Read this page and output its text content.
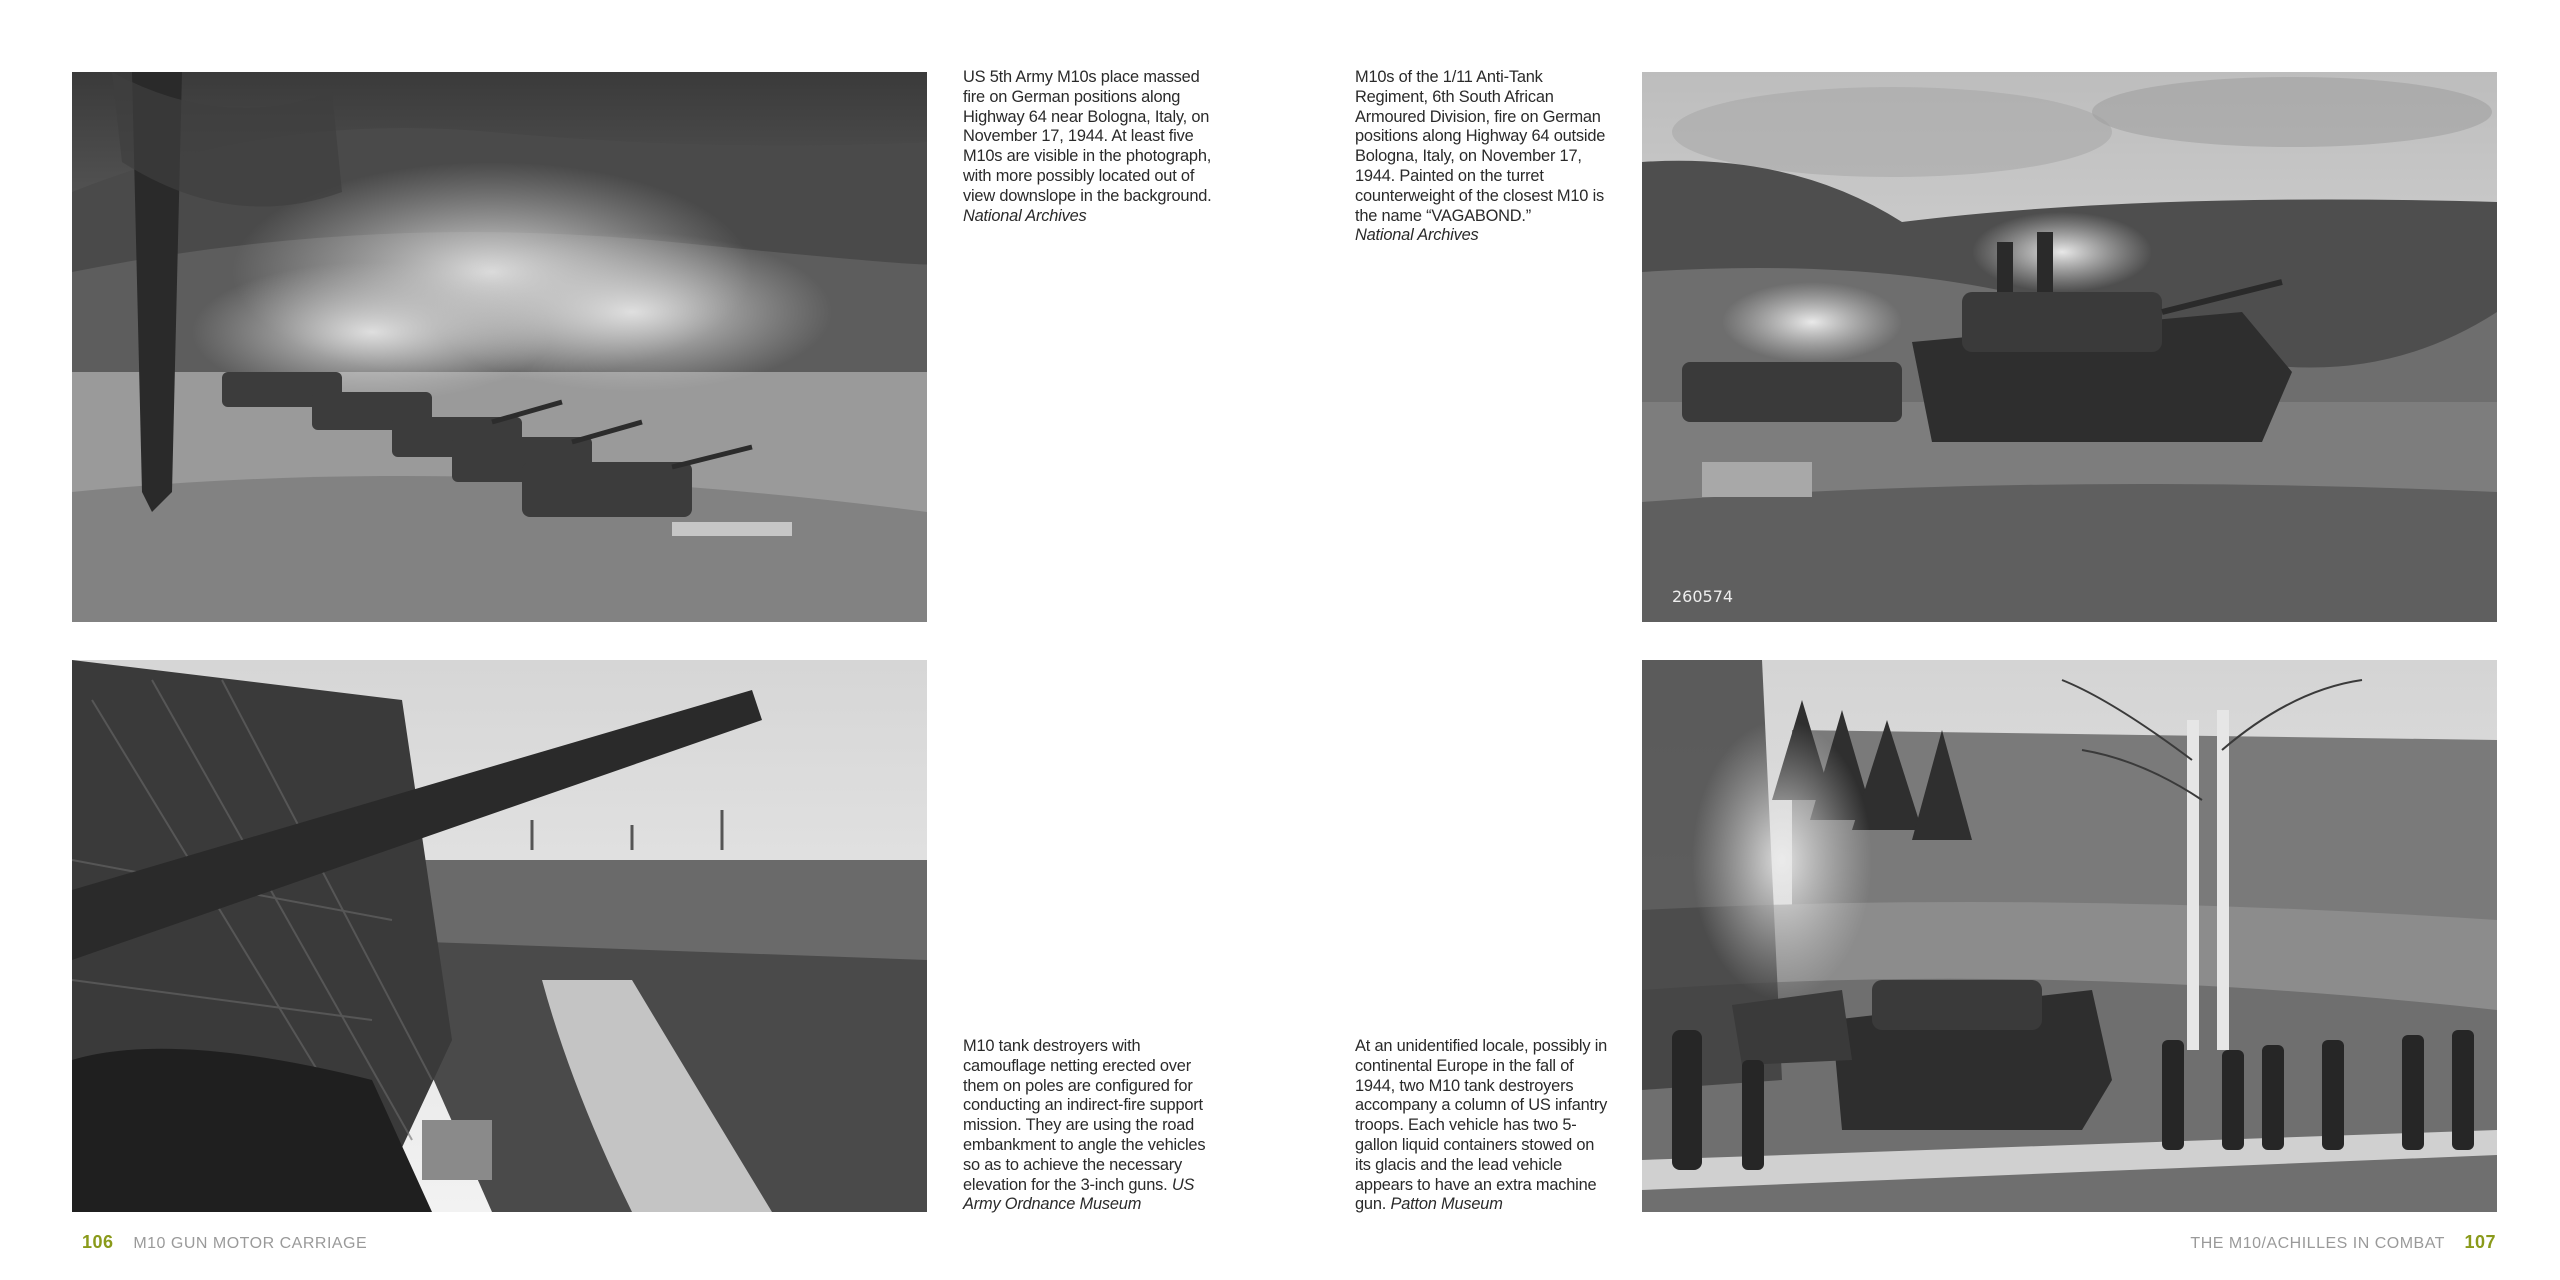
US 5th Army M10s place massed fire on German positions along Highway 64 near Bologna, Italy, on November 17, 1944. At least five M10s are visible in the photograph, with more possibly located out of view downslope in the background. National Archives
M10s of the 1/11 Anti-Tank Regiment, 6th South African Armoured Division, fire on German positions along Highway 64 outside Bologna, Italy, on November 17, 1944. Painted on the turret counterweight of the closest M10 is the name “VAGABOND.”
National Archives
260574
M10 tank destroyers with camouflage netting erected over them on poles are configured for conducting an indirect-fire support mission. They are using the road embankment to angle the vehicles so as to achieve the necessary elevation for the 3-inch guns. US Army Ordnance Museum
At an unidentified locale, possibly in continental Europe in the fall of 1944, two M10 tank destroyers accompany a column of US infantry troops. Each vehicle has two 5-gallon liquid containers stowed on its glacis and the lead vehicle appears to have an extra machine gun. Patton Museum
106 M10 GUN MOTOR CARRIAGE	THE M10/ACHILLES IN COMBAT 107
